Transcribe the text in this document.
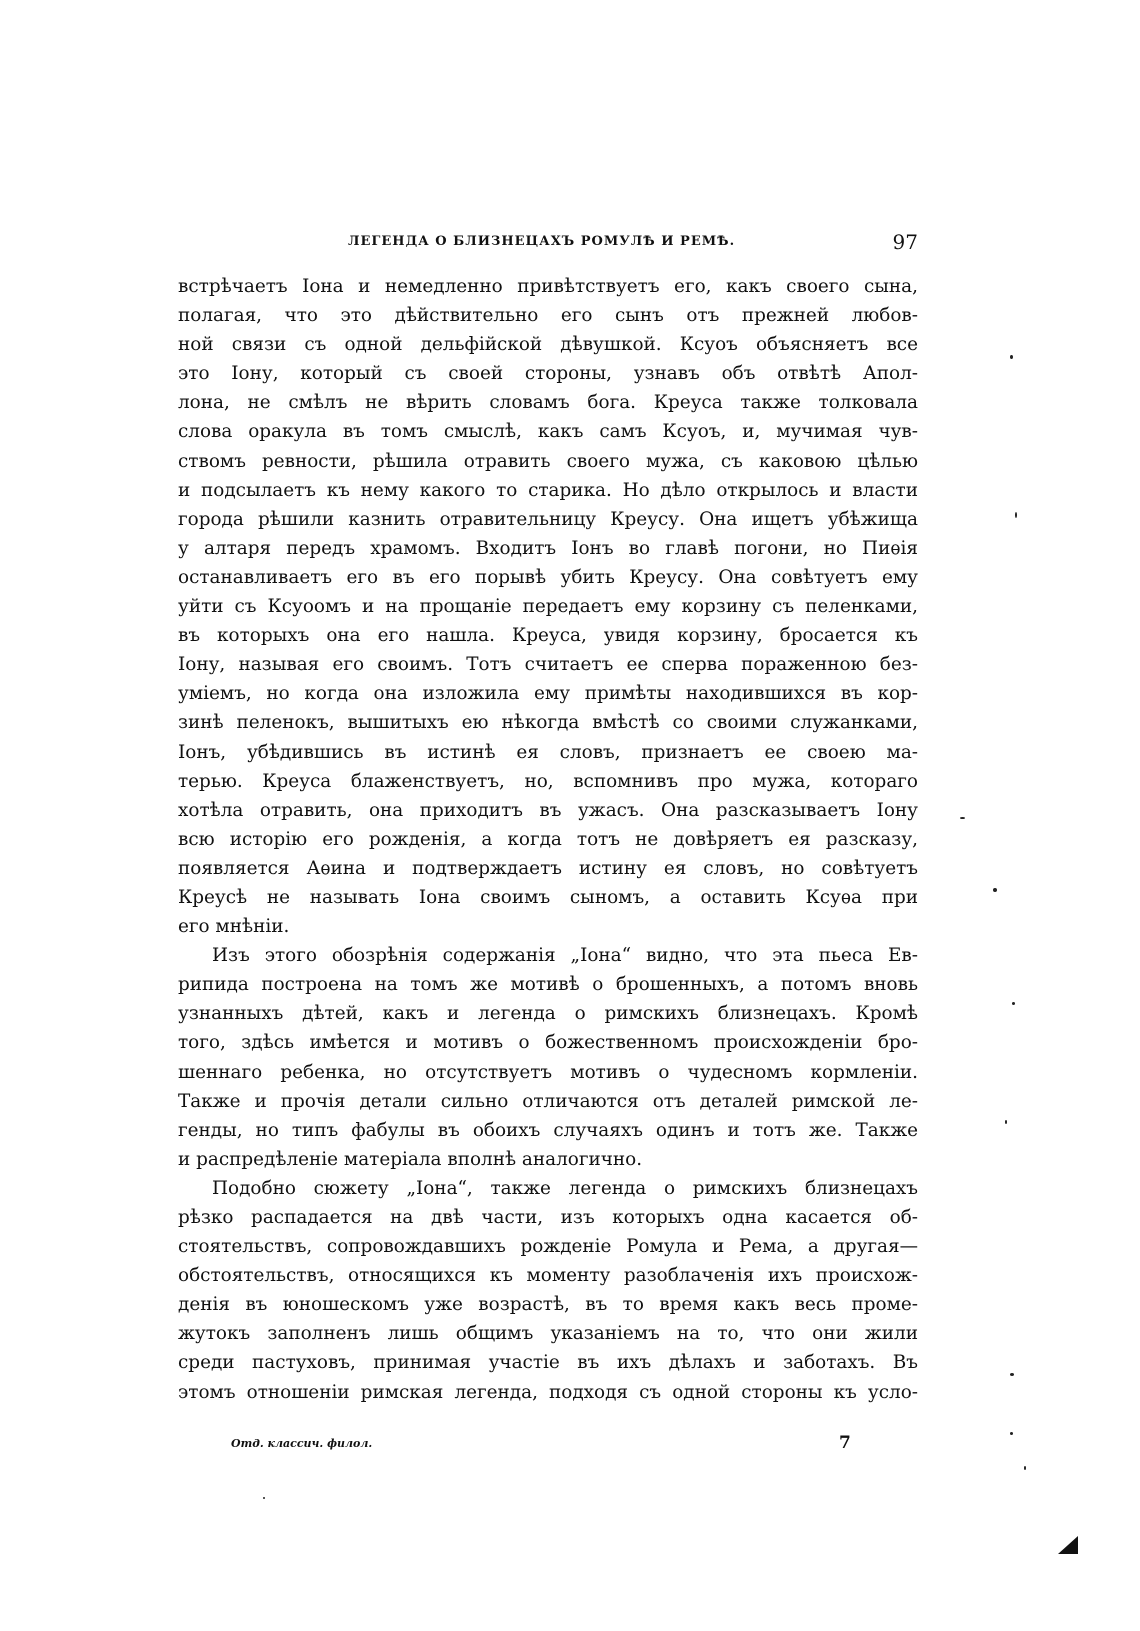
ЛЕГЕНДА О БЛИЗНЕЦАХЪ РОМУЛѢ И РЕМѢ.	97
встрѣчаетъ Іона и немедленно привѣтствуетъ его, какъ своего сына,
полагая, что это дѣйствительно его сынъ отъ прежней любов-
ной связи съ одной дельфійской дѣвушкой. Ксуоъ объясняетъ все
это Іону, который съ своей стороны, узнавъ объ отвѣтѣ Апол-
лона, не смѣлъ не вѣрить словамъ бога. Креуса также толковала
слова оракула въ томъ смыслѣ, какъ самъ Ксуоъ, и, мучимая чув-
ствомъ ревности, рѣшила отравить своего мужа, съ каковою цѣлью
и подсылаетъ къ нему какого то старика. Но дѣло открылось и власти
города рѣшили казнить отравительницу Креусу. Она ищетъ убѣжища
у алтаря передъ храмомъ. Входитъ Іонъ во главѣ погони, но Пиѳія
останавливаетъ его въ его порывѣ убить Креусу. Она совѣтуетъ ему
уйти съ Ксуоомъ и на прощаніе передаетъ ему корзину съ пеленками,
въ которыхъ она его нашла. Креуса, увидя корзину, бросается къ
Іону, называя его своимъ. Тотъ считаетъ ее сперва пораженною без-
уміемъ, но когда она изложила ему примѣты находившихся въ кор-
зинѣ пеленокъ, вышитыхъ ею нѣкогда вмѣстѣ со своими служанками,
Іонъ, убѣдившись въ истинѣ ея словъ, признаетъ ее своею ма-
терью. Креуса блаженствуетъ, но, вспомнивъ про мужа, котораго
хотѣла отравить, она приходитъ въ ужасъ. Она разсказываетъ Іону
всю исторію его рожденія, а когда тотъ не довѣряетъ ея разсказу,
появляется Аѳина и подтверждаетъ истину ея словъ, но совѣтуетъ
Креусѣ не называть Іона своимъ сыномъ, а оставить Ксуѳа при
его мнѣніи.
Изъ этого обозрѣнія содержанія „Іона“ видно, что эта пьеса Ев-
рипида построена на томъ же мотивѣ о брошенныхъ, а потомъ вновь
узнанныхъ дѣтей, какъ и легенда о римскихъ близнецахъ. Кромѣ
того, здѣсь имѣется и мотивъ о божественномъ происхожденіи бро-
шеннаго ребенка, но отсутствуетъ мотивъ о чудесномъ кормленіи.
Также и прочія детали сильно отличаются отъ деталей римской ле-
генды, но типъ фабулы въ обоихъ случаяхъ одинъ и тотъ же. Также
и распредѣленіе матеріала вполнѣ аналогично.
Подобно сюжету „Іона“, также легенда о римскихъ близнецахъ
рѣзко распадается на двѣ части, изъ которыхъ одна касается об-
стоятельствъ, сопровождавшихъ рожденіе Ромула и Рема, а другая—
обстоятельствъ, относящихся къ моменту разоблаченія ихъ происхож-
денія въ юношескомъ уже возрастѣ, въ то время какъ весь проме-
жутокъ заполненъ лишь общимъ указаніемъ на то, что они жили
среди пастуховъ, принимая участіе въ ихъ дѣлахъ и заботахъ. Въ
этомъ отношеніи римская легенда, подходя съ одной стороны къ усло-
Отд. классич. филол.	7
